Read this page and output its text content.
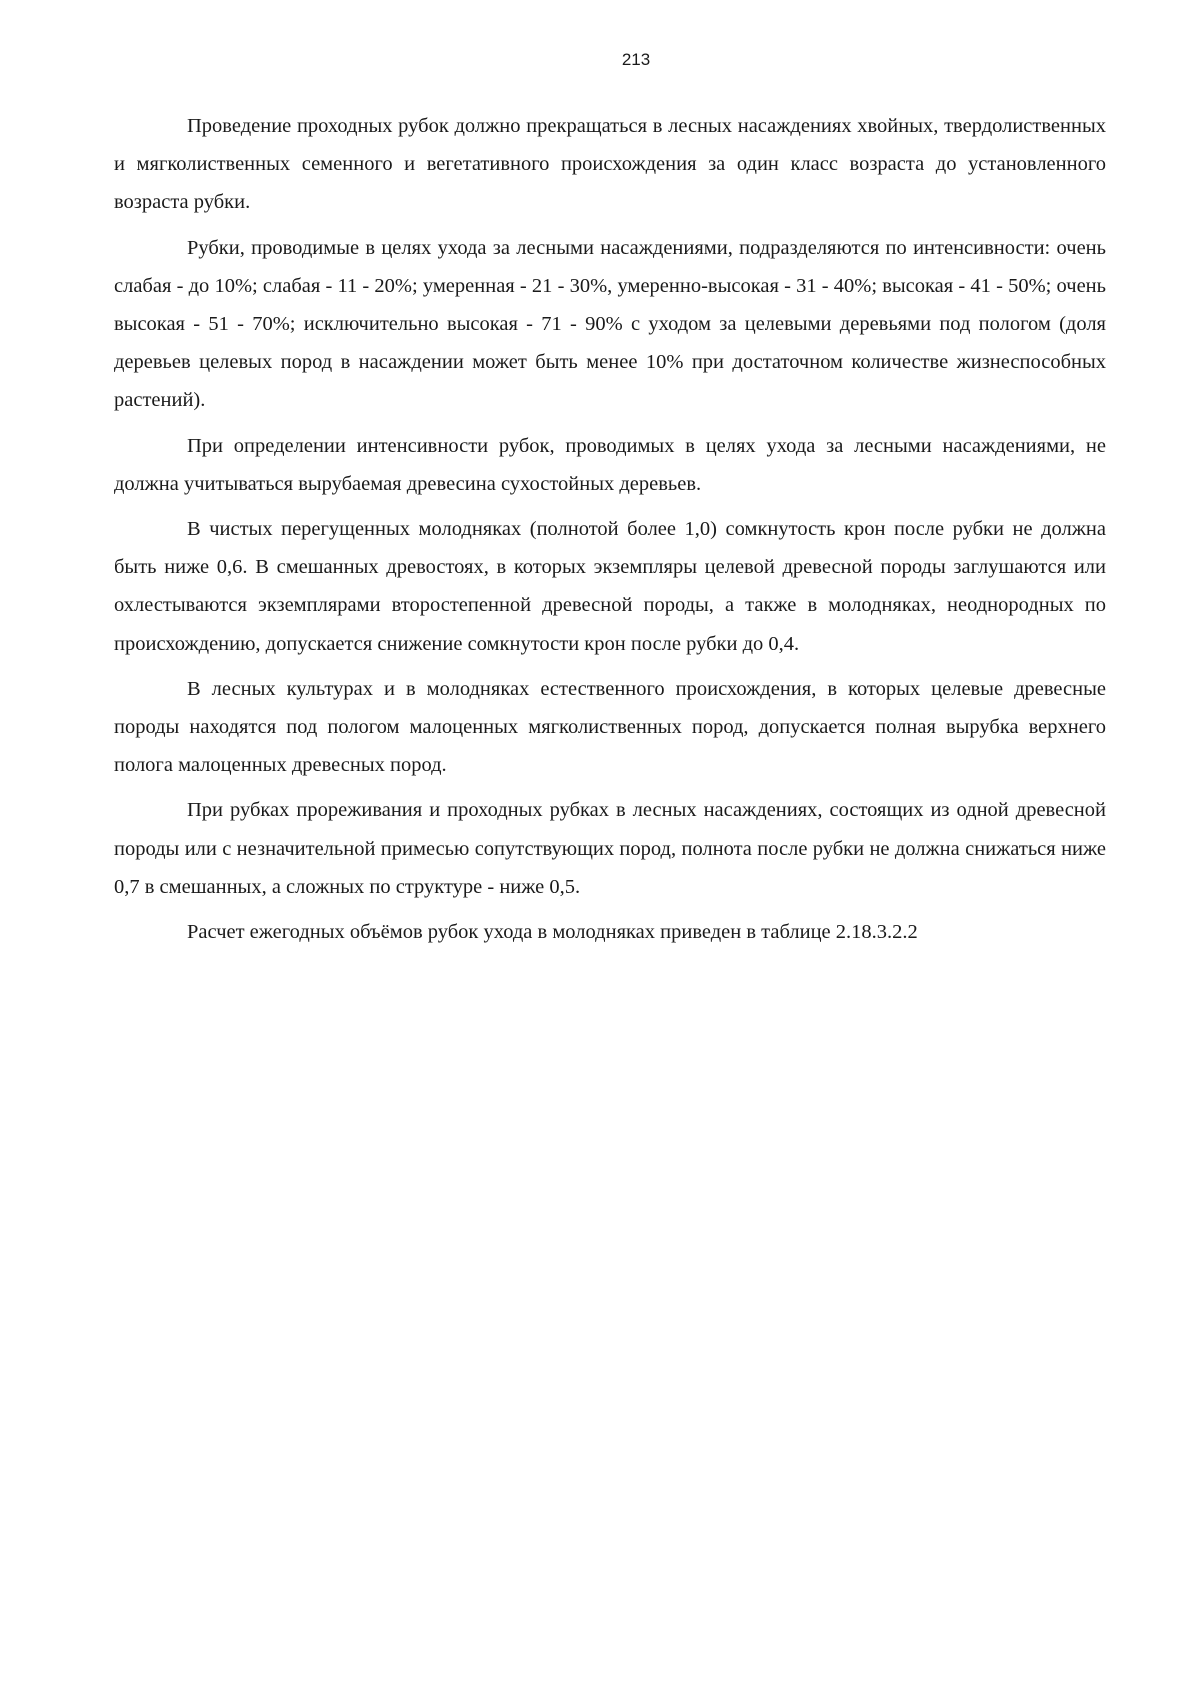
213

Проведение проходных рубок должно прекращаться в лесных насаждениях хвойных, твердолиственных и мягколиственных семенного и вегетативного происхождения за один класс возраста до установленного возраста рубки.

Рубки, проводимые в целях ухода за лесными насаждениями, подразделяются по интенсивности: очень слабая - до 10%; слабая - 11 - 20%; умеренная - 21 - 30%, умеренно-высокая - 31 - 40%; высокая - 41 - 50%; очень высокая - 51 - 70%; исключительно высокая - 71 - 90% с уходом за целевыми деревьями под пологом (доля деревьев целевых пород в насаждении может быть менее 10% при достаточном количестве жизнеспособных растений).

При определении интенсивности рубок, проводимых в целях ухода за лесными насаждениями, не должна учитываться вырубаемая древесина сухостойных деревьев.

В чистых перегущенных молодняках (полнотой более 1,0) сомкнутость крон после рубки не должна быть ниже 0,6. В смешанных древостоях, в которых экземпляры целевой древесной породы заглушаются или охлестываются экземплярами второстепенной древесной породы, а также в молодняках, неоднородных по происхождению, допускается снижение сомкнутости крон после рубки до 0,4.

В лесных культурах и в молодняках естественного происхождения, в которых целевые древесные породы находятся под пологом малоценных мягколиственных пород, допускается полная вырубка верхнего полога малоценных древесных пород.

При рубках прореживания и проходных рубках в лесных насаждениях, состоящих из одной древесной породы или с незначительной примесью сопутствующих пород, полнота после рубки не должна снижаться ниже 0,7 в смешанных, а сложных по структуре - ниже 0,5.

Расчет ежегодных объёмов рубок ухода в молодняках приведен в таблице 2.18.3.2.2
